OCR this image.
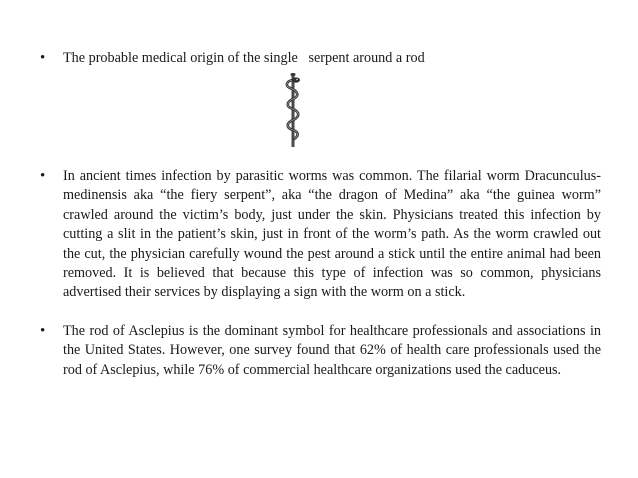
• The probable medical origin of the single   serpent around a rod
• In ancient times infection by parasitic worms was common. The filarial worm Dracunculus-medinensis aka “the fiery serpent”, aka “the dragon of Medina” aka “the guinea worm” crawled around the victim’s body, just under the skin. Physicians treated this infection by cutting a slit in the patient’s skin, just in front of the worm’s path. As the worm crawled out the cut, the physician carefully wound the pest around a stick until the entire animal had been removed. It is believed that because this type of infection was so common, physicians advertised their services by displaying a sign with the worm on a stick.
• The rod of Asclepius is the dominant symbol for healthcare professionals and associations in the United States. However, one survey found that 62% of health care professionals used the rod of Asclepius, while 76% of commercial healthcare organizations used the caduceus.
